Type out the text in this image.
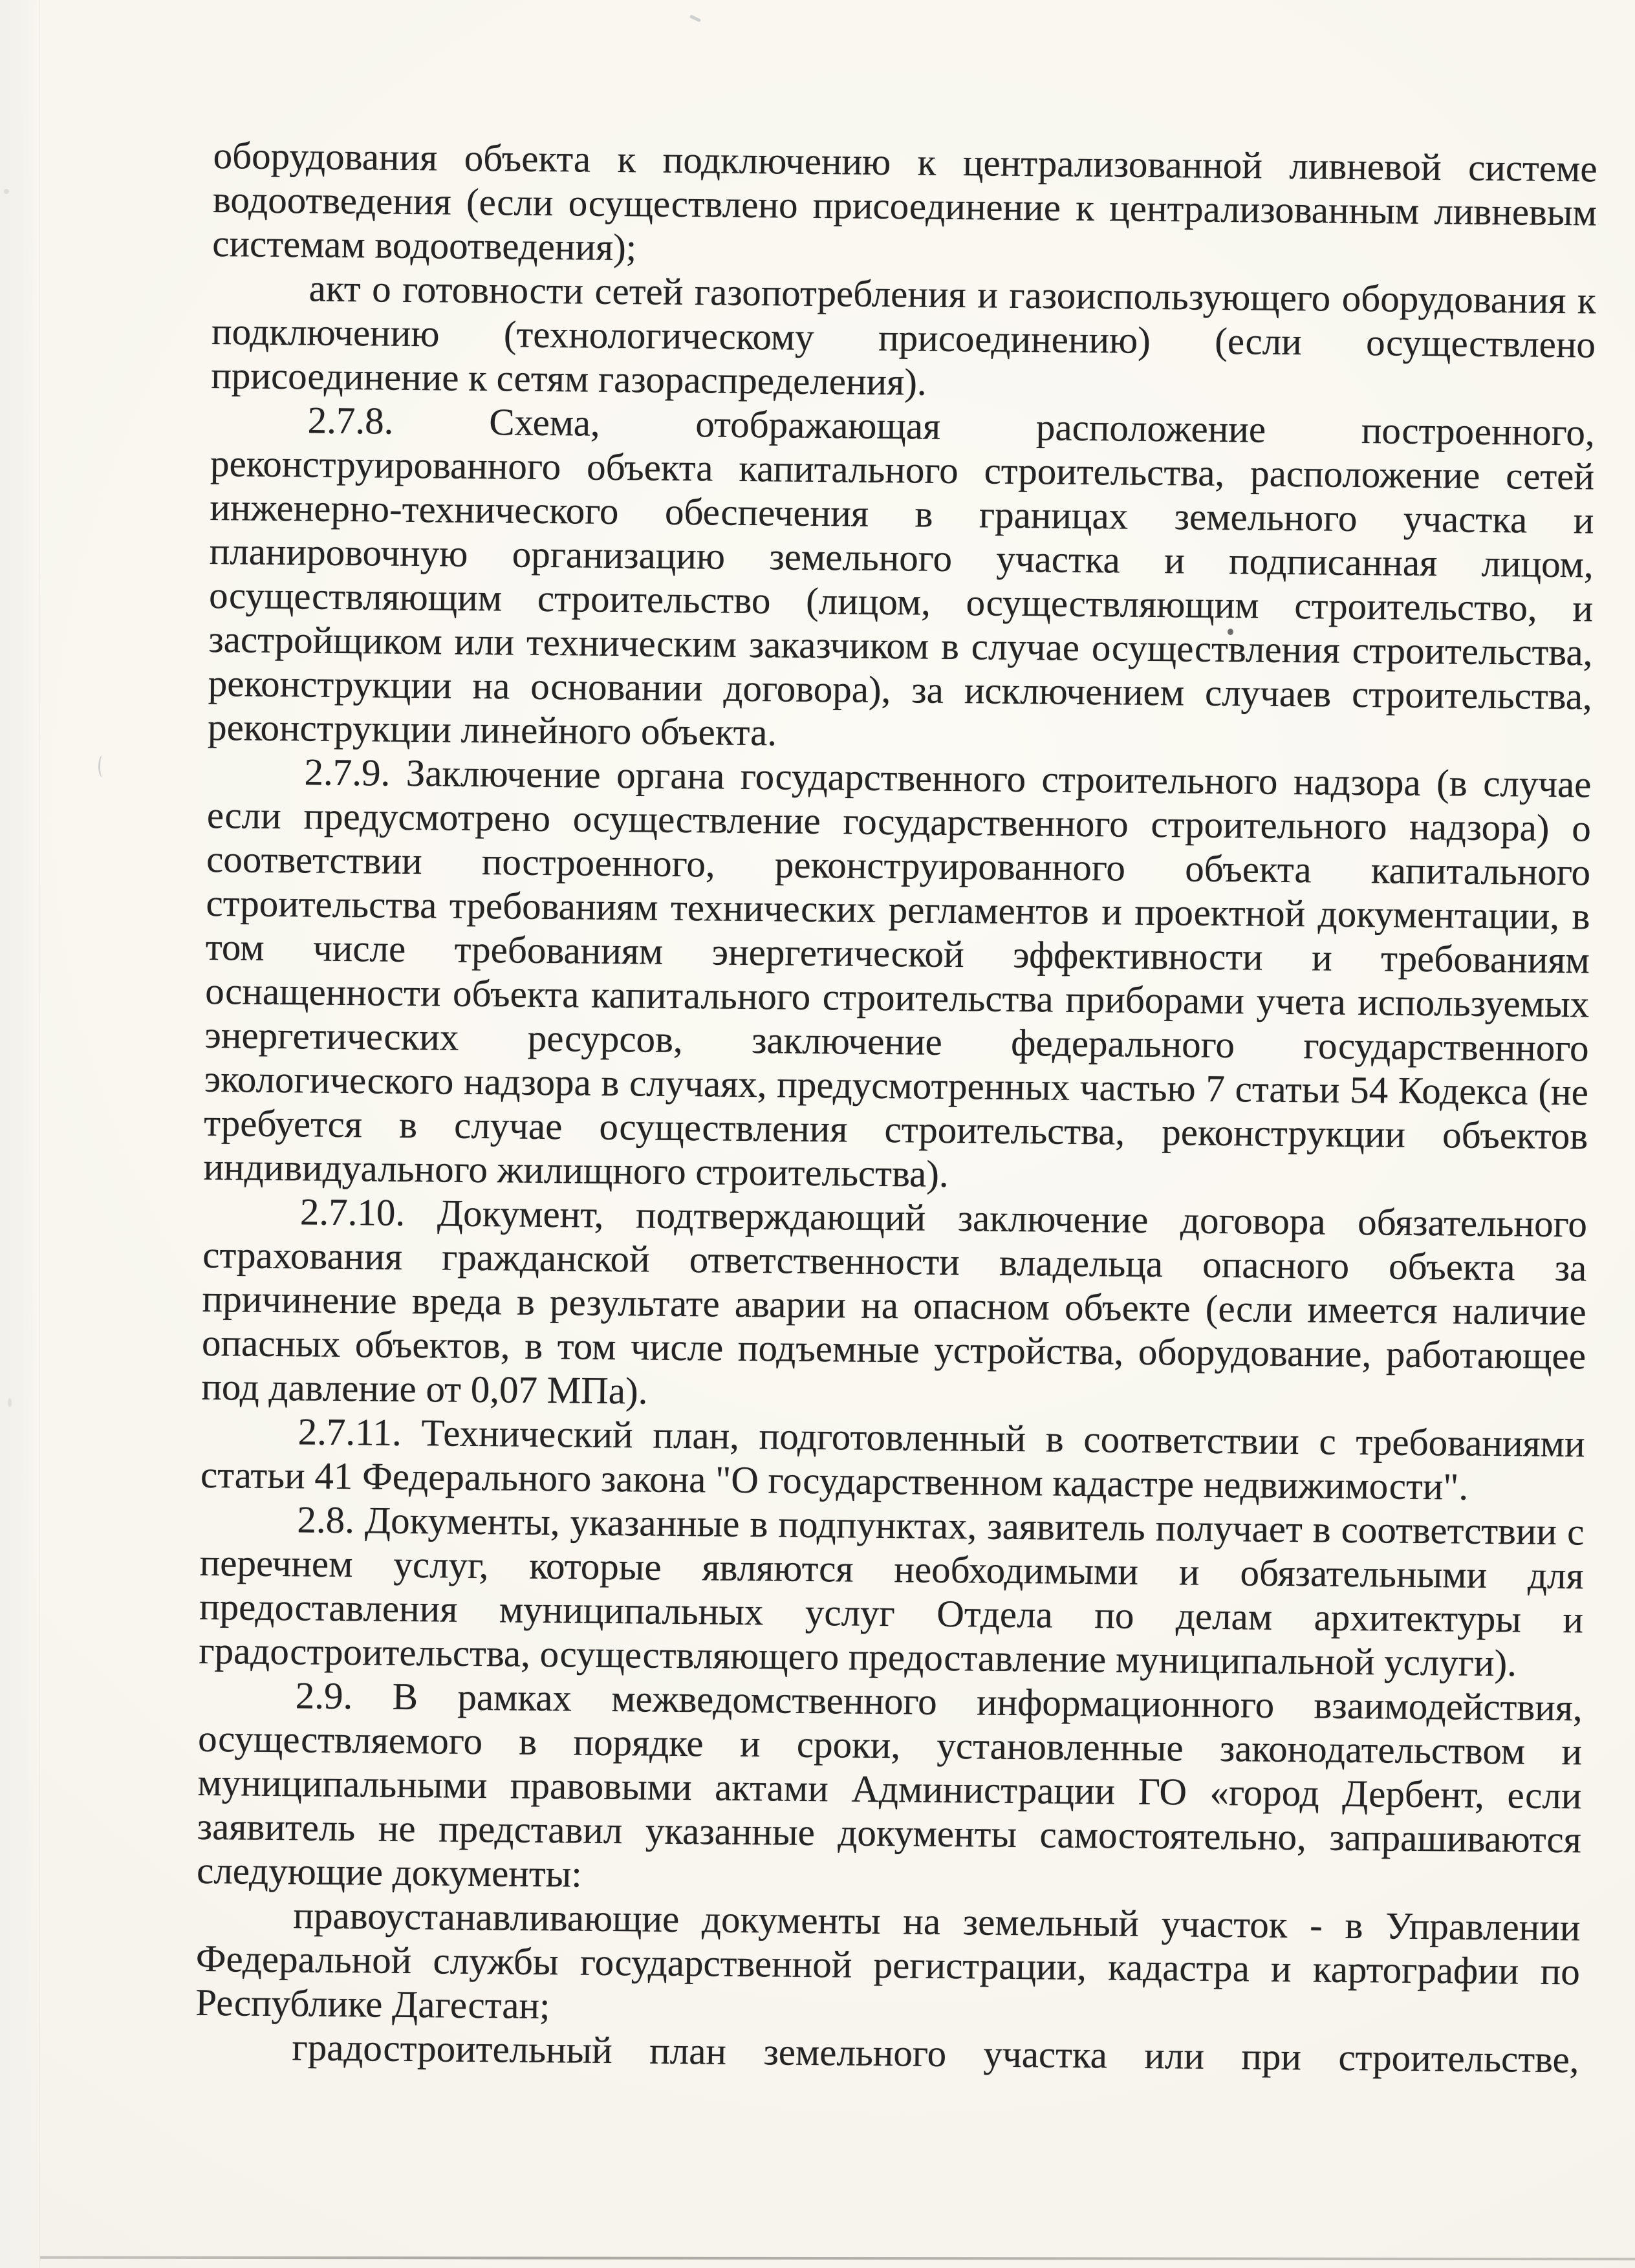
оборудования объекта к подключению к централизованной ливневой системе водоотведения (если осуществлено присоединение к централизованным ливневым системам водоотведения);

акт о готовности сетей газопотребления и газоиспользующего оборудования к подключению (технологическому присоединению) (если осуществлено присоединение к сетям газораспределения).

2.7.8. Схема, отображающая расположение построенного, реконструированного объекта капитального строительства, расположение сетей инженерно-технического обеспечения в границах земельного участка и планировочную организацию земельного участка и подписанная лицом, осуществляющим строительство (лицом, осуществляющим строительство, и застройщиком или техническим заказчиком в случае осуществления строительства, реконструкции на основании договора), за исключением случаев строительства, реконструкции линейного объекта.

2.7.9. Заключение органа государственного строительного надзора (в случае если предусмотрено осуществление государственного строительного надзора) о соответствии построенного, реконструированного объекта капитального строительства требованиям технических регламентов и проектной документации, в том числе требованиям энергетической эффективности и требованиям оснащенности объекта капитального строительства приборами учета используемых энергетических ресурсов, заключение федерального государственного экологического надзора в случаях, предусмотренных частью 7 статьи 54 Кодекса (не требуется в случае осуществления строительства, реконструкции объектов индивидуального жилищного строительства).

2.7.10. Документ, подтверждающий заключение договора обязательного страхования гражданской ответственности владельца опасного объекта за причинение вреда в результате аварии на опасном объекте (если имеется наличие опасных объектов, в том числе подъемные устройства, оборудование, работающее под давление от 0,07 МПа).

2.7.11. Технический план, подготовленный в соответствии с требованиями статьи 41 Федерального закона "О государственном кадастре недвижимости".

2.8. Документы, указанные в подпунктах, заявитель получает в соответствии с перечнем услуг, которые являются необходимыми и обязательными для предоставления муниципальных услуг Отдела по делам архитектуры и градостроительства, осуществляющего предоставление муниципальной услуги).

2.9. В рамках межведомственного информационного взаимодействия, осуществляемого в порядке и сроки, установленные законодательством и муниципальными правовыми актами Администрации ГО «город Дербент, если заявитель не представил указанные документы самостоятельно, запрашиваются следующие документы:

правоустанавливающие документы на земельный участок - в Управлении Федеральной службы государственной регистрации, кадастра и картографии по Республике Дагестан;

градостроительный план земельного участка или при строительстве,
